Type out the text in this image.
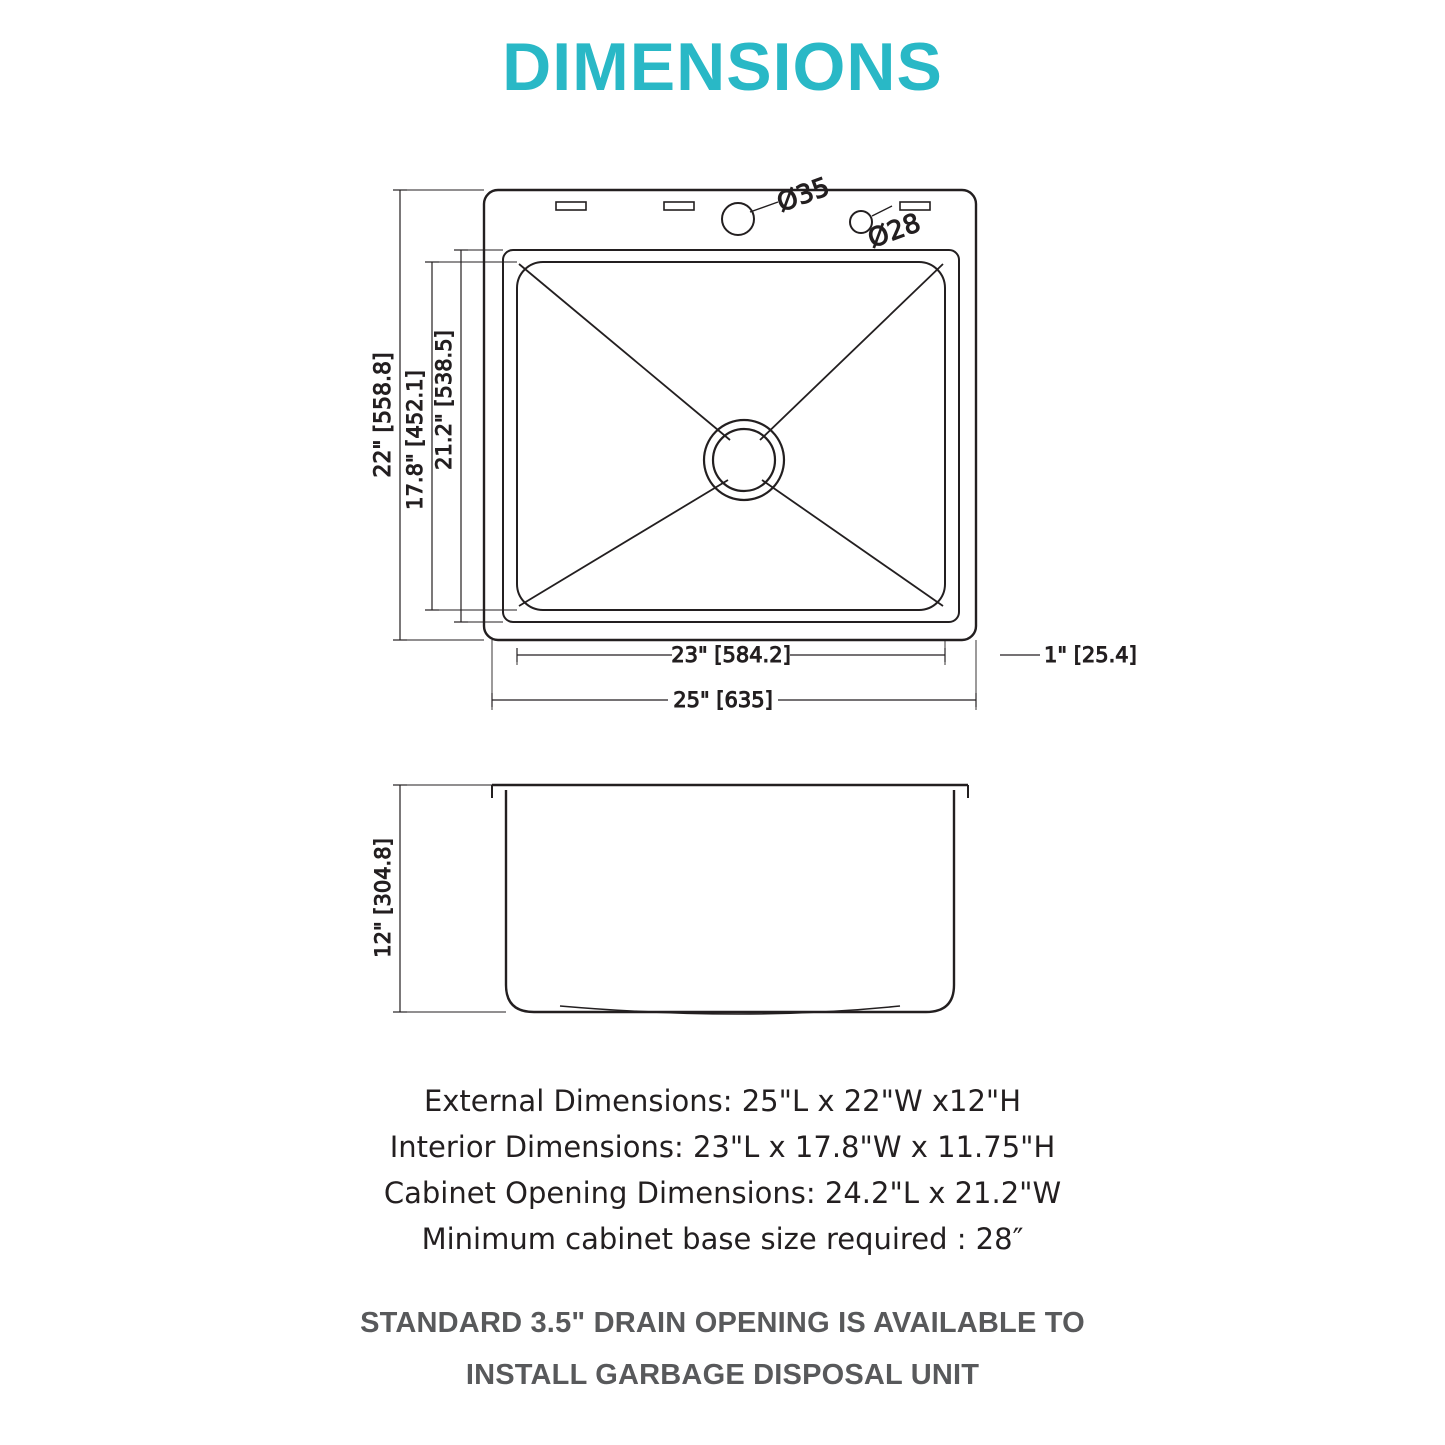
DIMENSIONS
Ø35
Ø28
22" [558.8] 17.8" [452.1] 21.2" [538.5]
23" [584.2]	1" [25.4]
25" [635]
12" [304.8]
External Dimensions: 25"L x 22"W x12"H
Interior Dimensions: 23"L x 17.8"W x 11.75"H
Cabinet Opening Dimensions: 24.2"L x 21.2"W
Minimum cabinet base size required : 28″
STANDARD 3.5" DRAIN OPENING IS AVAILABLE TO
INSTALL GARBAGE DISPOSAL UNIT
